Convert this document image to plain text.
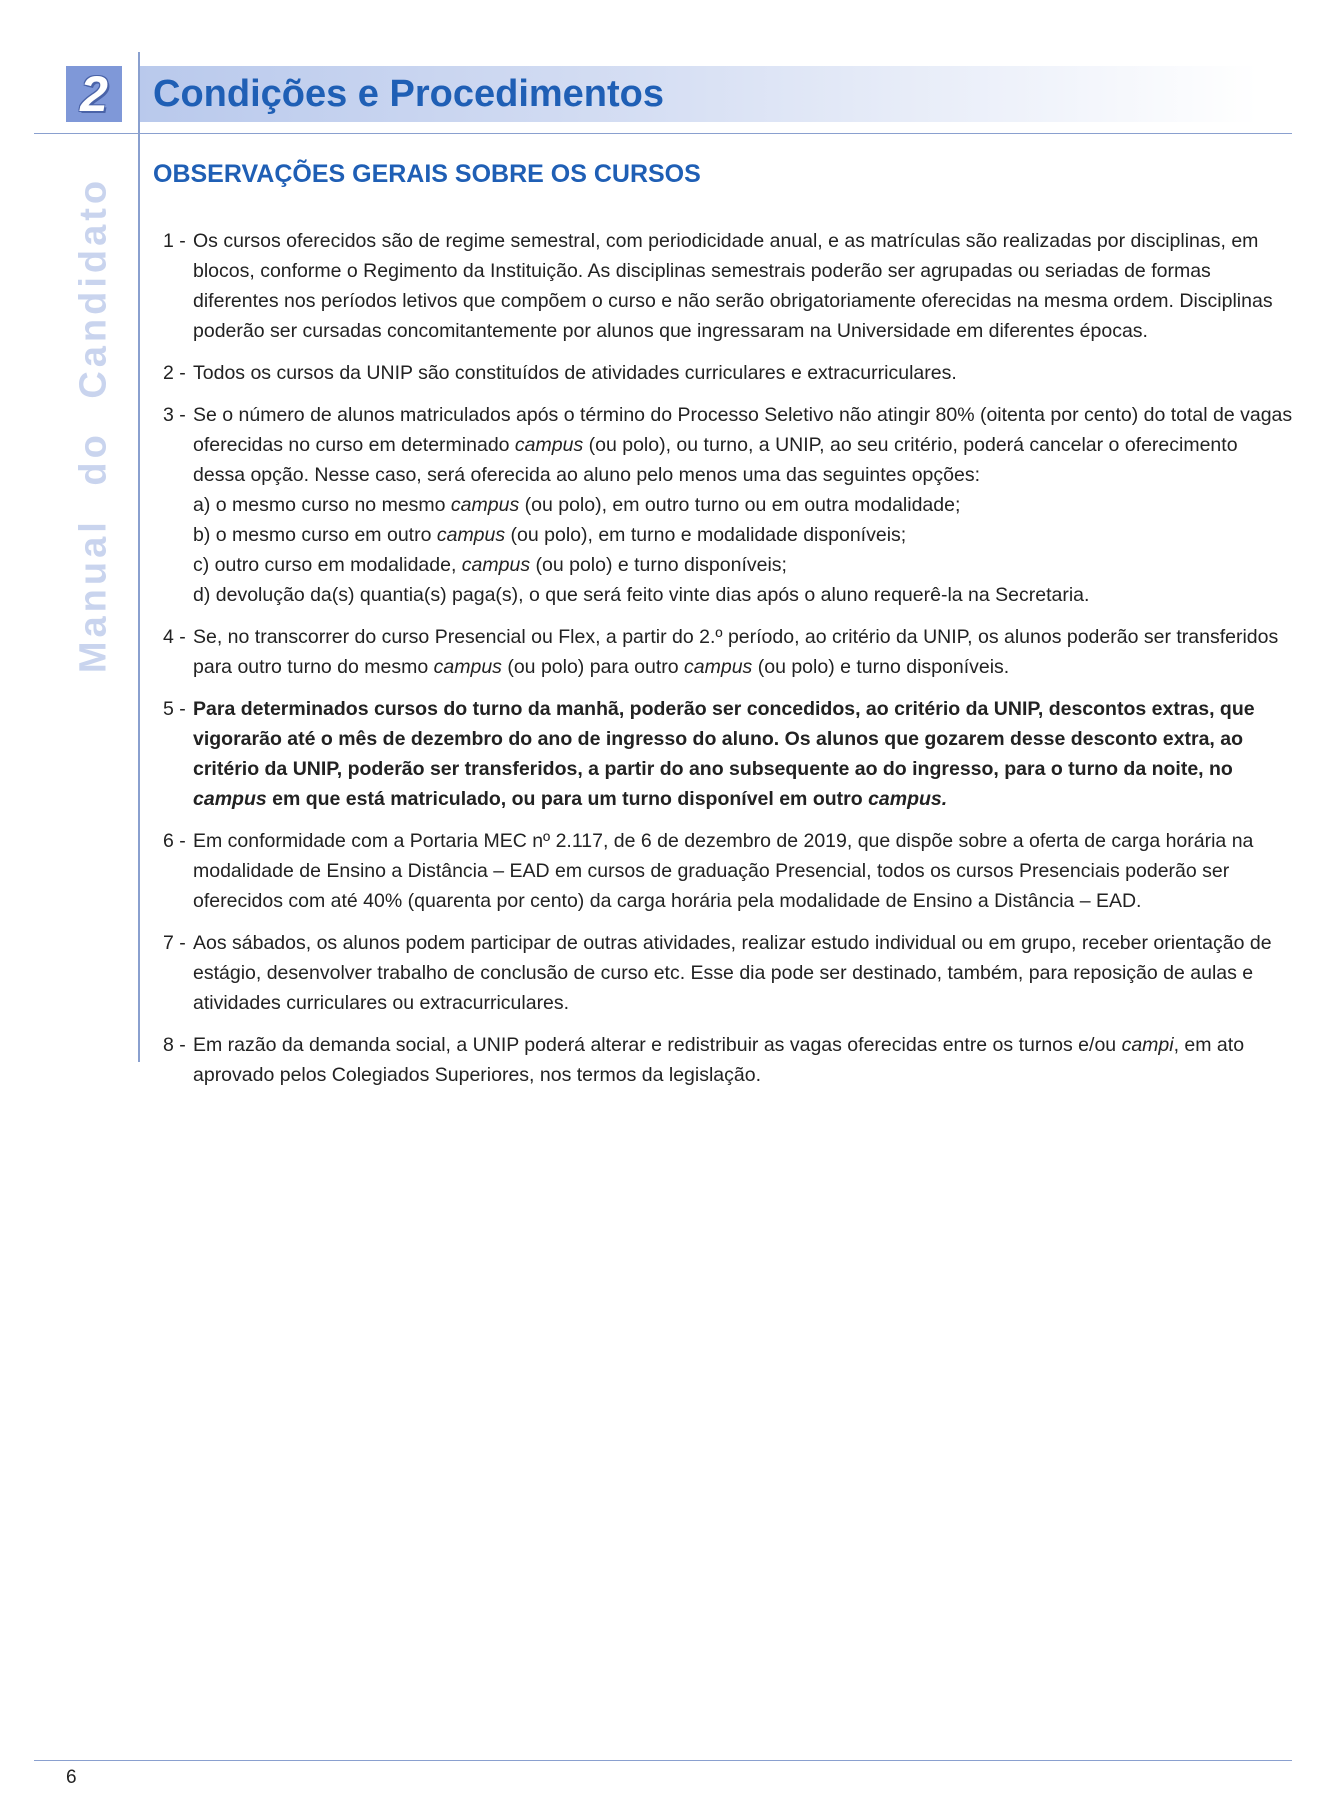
2 Condições e Procedimentos
Manual do Candidato
OBSERVAÇÕES GERAIS SOBRE OS CURSOS
1 - Os cursos oferecidos são de regime semestral, com periodicidade anual, e as matrículas são realizadas por disciplinas, em blocos, conforme o Regimento da Instituição. As disciplinas semestrais poderão ser agrupadas ou seriadas de formas diferentes nos períodos letivos que compõem o curso e não serão obrigatoriamente oferecidas na mesma ordem. Disciplinas poderão ser cursadas concomitantemente por alunos que ingressaram na Universidade em diferentes épocas.
2 - Todos os cursos da UNIP são constituídos de atividades curriculares e extracurriculares.
3 - Se o número de alunos matriculados após o término do Processo Seletivo não atingir 80% (oitenta por cento) do total de vagas oferecidas no curso em determinado campus (ou polo), ou turno, a UNIP, ao seu critério, poderá cancelar o oferecimento dessa opção. Nesse caso, será oferecida ao aluno pelo menos uma das seguintes opções:
a) o mesmo curso no mesmo campus (ou polo), em outro turno ou em outra modalidade;
b) o mesmo curso em outro campus (ou polo), em turno e modalidade disponíveis;
c) outro curso em modalidade, campus (ou polo) e turno disponíveis;
d) devolução da(s) quantia(s) paga(s), o que será feito vinte dias após o aluno requerê-la na Secretaria.
4 - Se, no transcorrer do curso Presencial ou Flex, a partir do 2.º período, ao critério da UNIP, os alunos poderão ser transferidos para outro turno do mesmo campus (ou polo) para outro campus (ou polo) e turno disponíveis.
5 - Para determinados cursos do turno da manhã, poderão ser concedidos, ao critério da UNIP, descontos extras, que vigorarão até o mês de dezembro do ano de ingresso do aluno. Os alunos que gozarem desse desconto extra, ao critério da UNIP, poderão ser transferidos, a partir do ano subsequente ao do ingresso, para o turno da noite, no campus em que está matriculado, ou para um turno disponível em outro campus.
6 - Em conformidade com a Portaria MEC nº 2.117, de 6 de dezembro de 2019, que dispõe sobre a oferta de carga horária na modalidade de Ensino a Distância – EAD em cursos de graduação Presencial, todos os cursos Presenciais poderão ser oferecidos com até 40% (quarenta por cento) da carga horária pela modalidade de Ensino a Distância – EAD.
7 - Aos sábados, os alunos podem participar de outras atividades, realizar estudo individual ou em grupo, receber orientação de estágio, desenvolver trabalho de conclusão de curso etc. Esse dia pode ser destinado, também, para reposição de aulas e atividades curriculares ou extracurriculares.
8 - Em razão da demanda social, a UNIP poderá alterar e redistribuir as vagas oferecidas entre os turnos e/ou campi, em ato aprovado pelos Colegiados Superiores, nos termos da legislação.
6
